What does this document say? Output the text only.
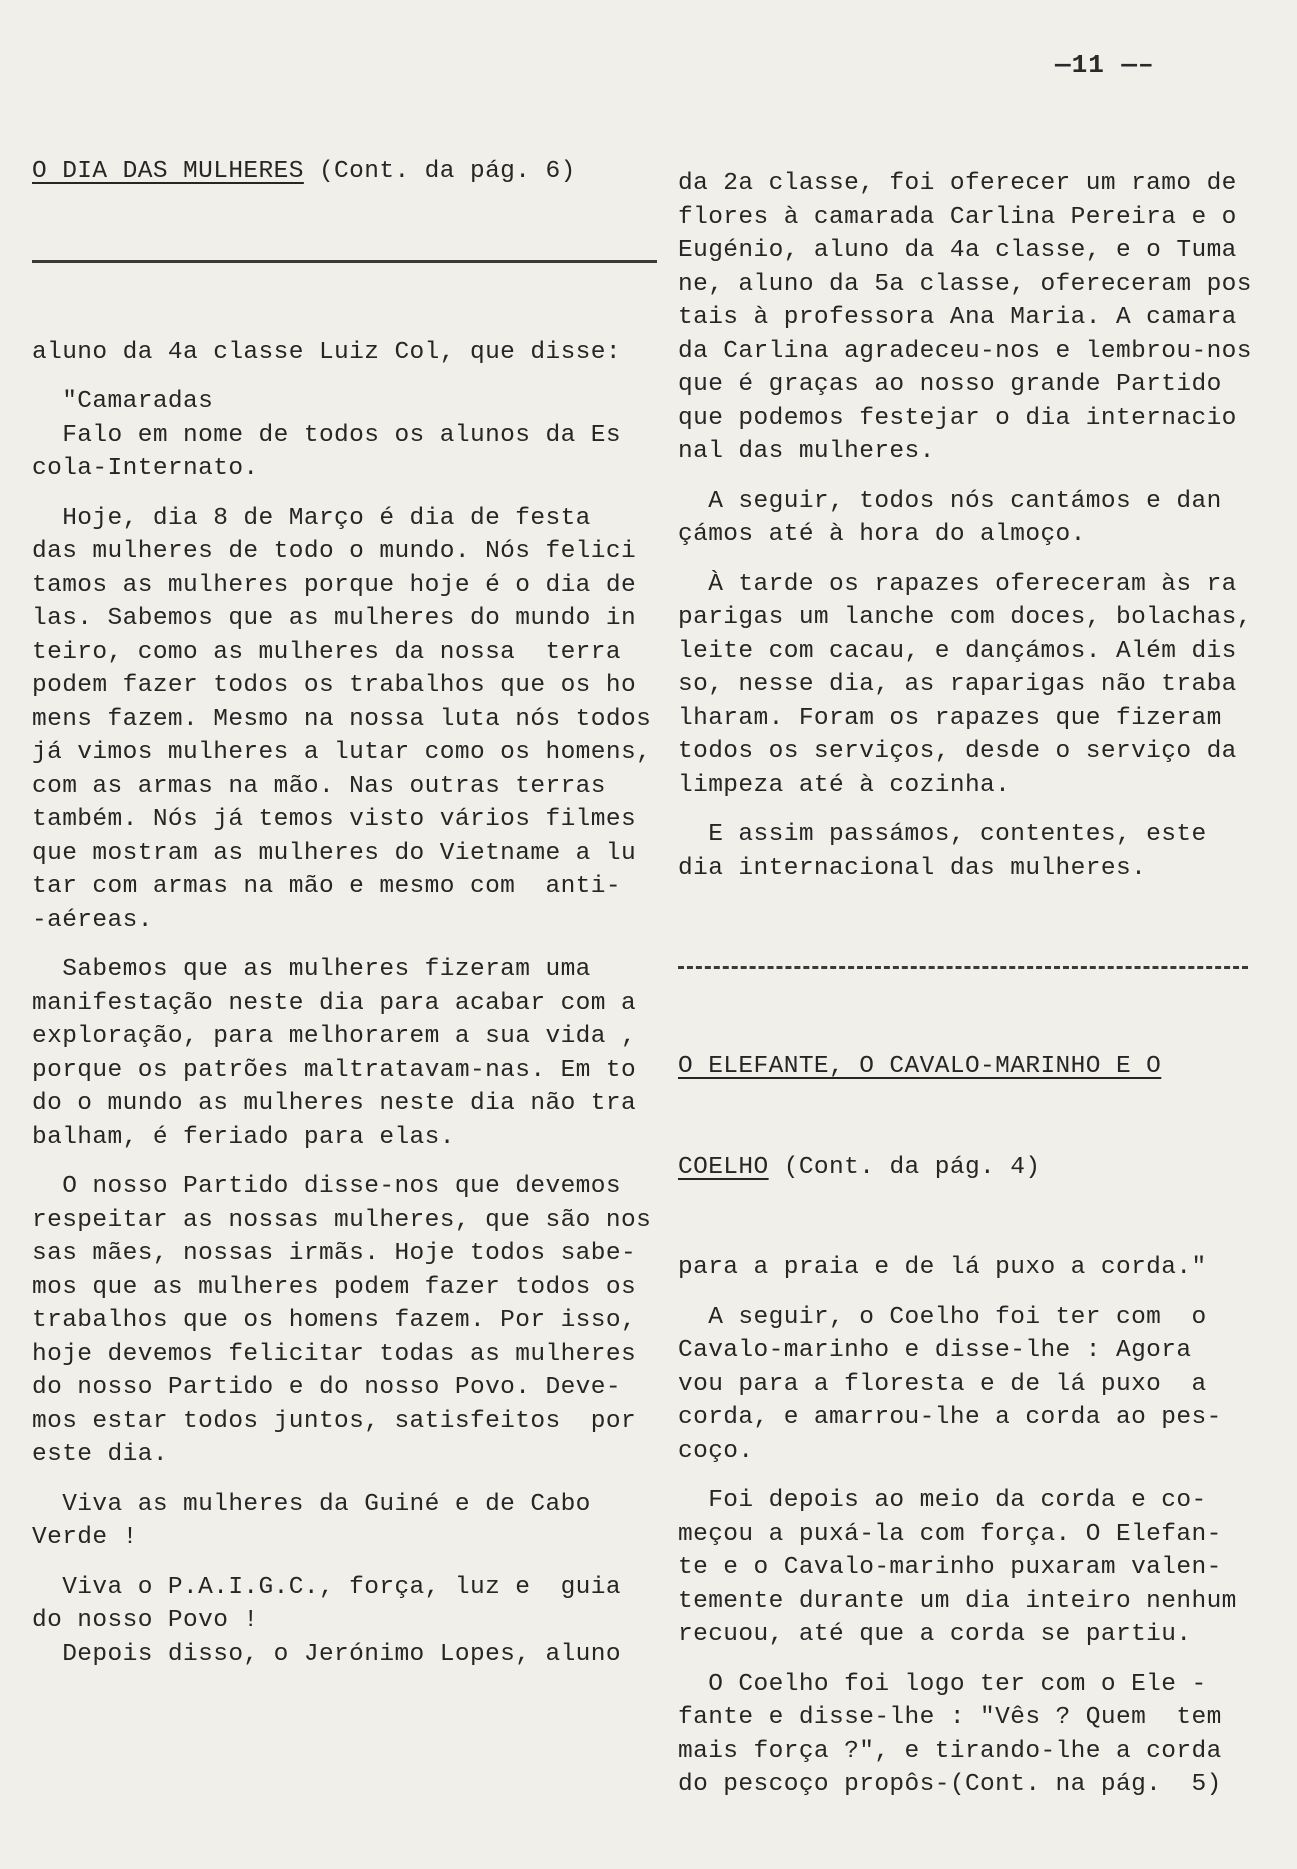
— 11 —–

O DIA DAS MULHERES (Cont. da pág. 6)

aluno da 4a classe Luiz Col, que disse:
"Camaradas
Falo em nome de todos os alunos da Es
cola-Internato.
Hoje, dia 8 de Março é dia de festa
das mulheres de todo o mundo. Nós felici
tamos as mulheres porque hoje é o dia de
las. Sabemos que as mulheres do mundo in
teiro, como as mulheres da nossa  terra
podem fazer todos os trabalhos que os ho
mens fazem. Mesmo na nossa luta nós todos
já vimos mulheres a lutar como os homens,
com as armas na mão. Nas outras terras
também. Nós já temos visto vários filmes
que mostram as mulheres do Vietname a lu
tar com armas na mão e mesmo com  anti-
-aéreas.
Sabemos que as mulheres fizeram uma
manifestação neste dia para acabar com a
exploração, para melhorarem a sua vida ,
porque os patrões maltratavam-nas. Em to
do o mundo as mulheres neste dia não tra
balham, é feriado para elas.
O nosso Partido disse-nos que devemos
respeitar as nossas mulheres, que são nos
sas mães, nossas irmãs. Hoje todos sabe-
mos que as mulheres podem fazer todos os
trabalhos que os homens fazem. Por isso,
hoje devemos felicitar todas as mulheres
do nosso Partido e do nosso Povo. Deve-
mos estar todos juntos, satisfeitos  por
este dia.
Viva as mulheres da Guiné e de Cabo
Verde !
Viva o P.A.I.G.C., força, luz e  guia
do nosso Povo !
Depois disso, o Jerónimo Lopes, aluno

da 2a classe, foi oferecer um ramo de
flores à camarada Carlina Pereira e o
Eugénio, aluno da 4a classe, e o Tuma
ne, aluno da 5a classe, ofereceram pos
tais à professora Ana Maria. A camara
da Carlina agradeceu-nos e lembrou-nos
que é graças ao nosso grande Partido
que podemos festejar o dia internacio
nal das mulheres.
A seguir, todos nós cantámos e dan
çámos até à hora do almoço.
À tarde os rapazes ofereceram às ra
parigas um lanche com doces, bolachas,
leite com cacau, e dançámos. Além dis
so, nesse dia, as raparigas não traba
lharam. Foram os rapazes que fizeram
todos os serviços, desde o serviço da
limpeza até à cozinha.
E assim passámos, contentes, este
dia internacional das mulheres.

O ELEFANTE, O CAVALO-MARINHO E O

COELHO (Cont. da pág. 4)

para a praia e de lá puxo a corda."
A seguir, o Coelho foi ter com  o
Cavalo-marinho e disse-lhe : Agora
vou para a floresta e de lá puxo  a
corda, e amarrou-lhe a corda ao pes-
coço.
Foi depois ao meio da corda e co-
meçou a puxá-la com força. O Elefan-
te e o Cavalo-marinho puxaram valen-
temente durante um dia inteiro nenhum
recuou, até que a corda se partiu.
O Coelho foi logo ter com o Ele -
fante e disse-lhe : "Vês ? Quem  tem
mais força ?", e tirando-lhe a corda
do pescoço propôs-(Cont. na pág.  5)
